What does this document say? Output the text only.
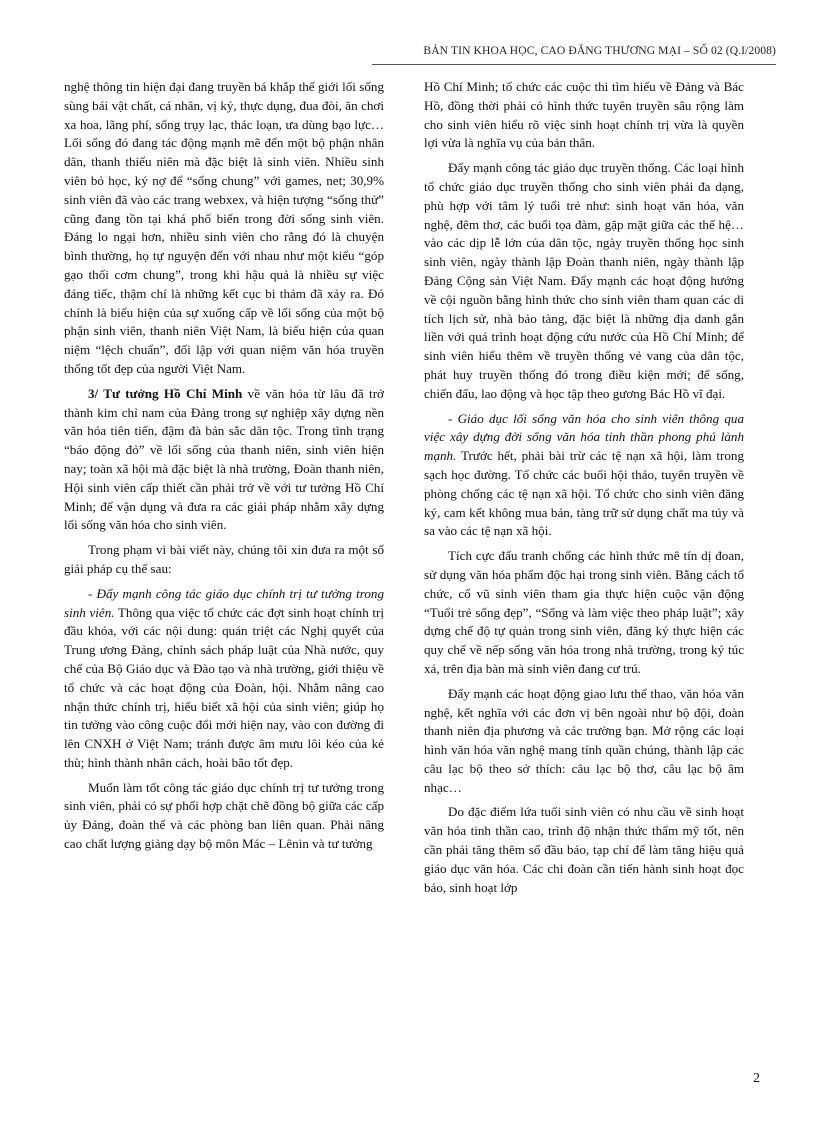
BẢN TIN KHOA HỌC, CAO ĐẲNG THƯƠNG MẠI – SỐ 02 (Q.I/2008)

nghệ thông tin hiện đại đang truyền bá khắp thế giới lối sống sùng bái vật chất, cá nhân, vị kỷ, thực dụng, đua đòi, ăn chơi xa hoa, lãng phí, sống trụy lạc, thác loạn, ưa dùng bạo lực… Lối sống đó đang tác động mạnh mẽ đến một bộ phận nhân dân, thanh thiếu niên mà đặc biệt là sinh viên. Nhiều sinh viên bỏ học, ký nợ để “sống chung” với games, net; 30,9% sinh viên đã vào các trang webxex, và hiện tượng “sống thử” cũng đang tồn tại khá phổ biến trong đời sống sinh viên. Đáng lo ngại hơn, nhiều sinh viên cho rằng đó là chuyện bình thường, họ tự nguyện đến với nhau như một kiểu “góp gạo thổi cơm chung”, trong khi hậu quả là nhiều sự việc đáng tiếc, thậm chí là những kết cục bi thảm đã xảy ra. Đó chính là biểu hiện của sự xuống cấp về lối sống của một bộ phận sinh viên, thanh niên Việt Nam, là biểu hiện của quan niệm “lệch chuẩn”, đối lập với quan niệm văn hóa truyền thống tốt đẹp của người Việt Nam.

3/ Tư tưởng Hồ Chí Minh về văn hóa từ lâu đã trở thành kim chỉ nam của Đảng trong sự nghiệp xây dựng nền văn hóa tiên tiến, đậm đà bản sắc dân tộc. Trong tình trạng “báo động đỏ” về lối sống của thanh niên, sinh viên hiện nay; toàn xã hội mà đặc biệt là nhà trường, Đoàn thanh niên, Hội sinh viên cấp thiết cần phải trở về với tư tưởng Hồ Chí Minh; để vận dụng và đưa ra các giải pháp nhằm xây dựng lối sống văn hóa cho sinh viên.

Trong phạm vi bài viết này, chúng tôi xin đưa ra một số giải pháp cụ thể sau:

- Đẩy mạnh công tác giáo dục chính trị tư tưởng trong sinh viên. Thông qua việc tổ chức các đợt sinh hoạt chính trị đầu khóa, với các nội dung: quán triệt các Nghị quyết của Trung ương Đảng, chính sách pháp luật của Nhà nước, quy chế của Bộ Giáo dục và Đào tạo và nhà trường, giới thiệu về tổ chức và các hoạt động của Đoàn, hội. Nhằm nâng cao nhận thức chính trị, hiểu biết xã hội của sinh viên; giúp họ tin tưởng vào công cuộc đổi mới hiện nay, vào con đường đi lên CNXH ở Việt Nam; tránh được âm mưu lôi kéo của kẻ thù; hình thành nhân cách, hoài bão tốt đẹp.

Muốn làm tốt công tác giáo dục chính trị tư tưởng trong sinh viên, phải có sự phối hợp chặt chẽ đồng bộ giữa các cấp ủy Đảng, đoàn thể và các phòng ban liên quan. Phải nâng cao chất lượng giảng dạy bộ môn Mác – Lênin và tư tưởng

Hồ Chí Minh; tổ chức các cuộc thi tìm hiểu về Đảng và Bác Hồ, đồng thời phải có hình thức tuyên truyền sâu rộng làm cho sinh viên hiểu rõ việc sinh hoạt chính trị vừa là quyền lợi vừa là nghĩa vụ của bản thân.

Đẩy mạnh công tác giáo dục truyền thống. Các loại hình tổ chức giáo dục truyền thống cho sinh viên phải đa dạng, phù hợp với tâm lý tuổi trẻ như: sinh hoạt văn hóa, văn nghệ, đêm thơ, các buổi tọa đàm, gặp mặt giữa các thế hệ… vào các dịp lễ lớn của dân tộc, ngày truyền thống học sinh sinh viên, ngày thành lập Đoàn thanh niên, ngày thành lập Đảng Cộng sản Việt Nam. Đẩy mạnh các hoạt động hướng về cội nguồn bằng hình thức cho sinh viên tham quan các di tích lịch sử, nhà bảo tàng, đặc biệt là những địa danh gắn liền với quá trình hoạt động cứu nước của Hồ Chí Minh; để sinh viên hiểu thêm về truyền thống vẻ vang của dân tộc, phát huy truyền thống đó trong điều kiện mới; để sống, chiến đấu, lao động và học tập theo gương Bác Hồ vĩ đại.

- Giáo dục lối sống văn hóa cho sinh viên thông qua việc xây dựng đời sống văn hóa tinh thần phong phú lành mạnh. Trước hết, phải bài trừ các tệ nạn xã hội, làm trong sạch học đường. Tổ chức các buổi hội thảo, tuyên truyền về phòng chống các tệ nạn xã hội. Tổ chức cho sinh viên đăng ký, cam kết không mua bán, tàng trữ sử dụng chất ma túy và sa vào các tệ nạn xã hội.

Tích cực đấu tranh chống các hình thức mê tín dị đoan, sử dụng văn hóa phẩm độc hại trong sinh viên. Bằng cách tổ chức, cổ vũ sinh viên tham gia thực hiện cuộc vận động “Tuổi trẻ sống đẹp”, “Sống và làm việc theo pháp luật”; xây dựng chế độ tự quản trong sinh viên, đăng ký thực hiện các quy chế về nếp sống văn hóa trong nhà trường, trong ký túc xá, trên địa bàn mà sinh viên đang cư trú.

Đẩy mạnh các hoạt động giao lưu thể thao, văn hóa văn nghệ, kết nghĩa với các đơn vị bên ngoài như bộ đội, đoàn thanh niên địa phương và các trường bạn. Mở rộng các loại hình văn hóa văn nghệ mang tính quần chúng, thành lập các câu lạc bộ theo sở thích: câu lạc bộ thơ, câu lạc bộ âm nhạc…

Do đặc điểm lứa tuổi sinh viên có nhu cầu về sinh hoạt văn hóa tinh thần cao, trình độ nhận thức thẩm mỹ tốt, nên cần phải tăng thêm số đầu báo, tạp chí để làm tăng hiệu quả giáo dục văn hóa. Các chi đoàn cần tiến hành sinh hoạt đọc báo, sinh hoạt lớp

2
